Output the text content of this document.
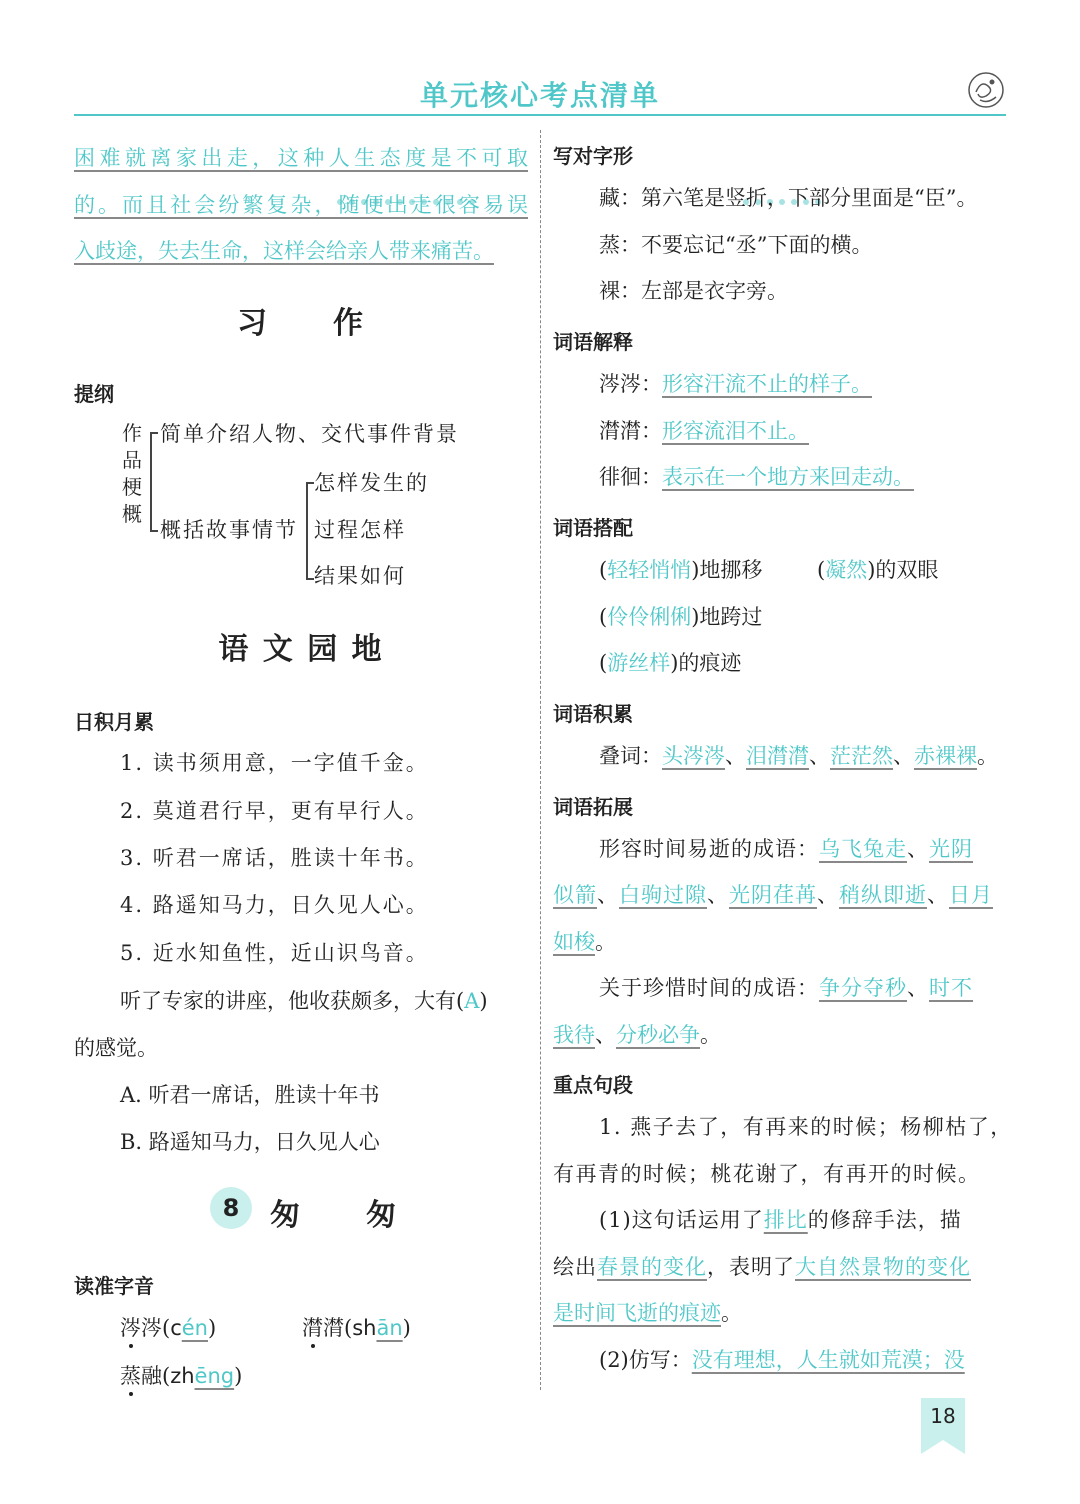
单元核心考点清单
困难就离家出走，这种人生态度是不可取
的。而且社会纷繁复杂，随便出走很容易误
入歧途，失去生命，这样会给亲人带来痛苦。
习　　作
提纲
作
品
梗
概
简单介绍人物、交代事件背景
概括故事情节
怎样发生的
过程怎样
结果如何
语 文 园 地
日积月累
1. 读书须用意，一字值千金。
2. 莫道君行早，更有早行人。
3. 听君一席话，胜读十年书。
4. 路遥知马力，日久见人心。
5. 近水知鱼性，近山识鸟音。
听了专家的讲座，他收获颇多，大有(A)
的感觉。
A. 听君一席话，胜读十年书
B. 路遥知马力，日久见人心
8	匆　　匆
读准字音
涔涔(cén)	潸潸(shān)
蒸融(zhēng)
写对字形
藏：第六笔是竖折，下部分里面是“臣”。
蒸：不要忘记“丞”下面的横。
裸：左部是衣字旁。
词语解释
涔涔：形容汗流不止的样子。
潸潸：形容流泪不止。
徘徊：表示在一个地方来回走动。
词语搭配
(轻轻悄悄)地挪移	(凝然)的双眼
(伶伶俐俐)地跨过
(游丝样)的痕迹
词语积累
叠词：头涔涔、泪潸潸、茫茫然、赤裸裸。
词语拓展
形容时间易逝的成语：乌飞兔走、光阴
似箭、白驹过隙、光阴荏苒、稍纵即逝、日月
如梭。
关于珍惜时间的成语：争分夺秒、时不
我待、分秒必争。
重点句段
1. 燕子去了，有再来的时候；杨柳枯了，
有再青的时候；桃花谢了，有再开的时候。
(1)这句话运用了排比的修辞手法，描
绘出春景的变化，表明了大自然景物的变化
是时间飞逝的痕迹。
(2)仿写：没有理想，人生就如荒漠；没
18
